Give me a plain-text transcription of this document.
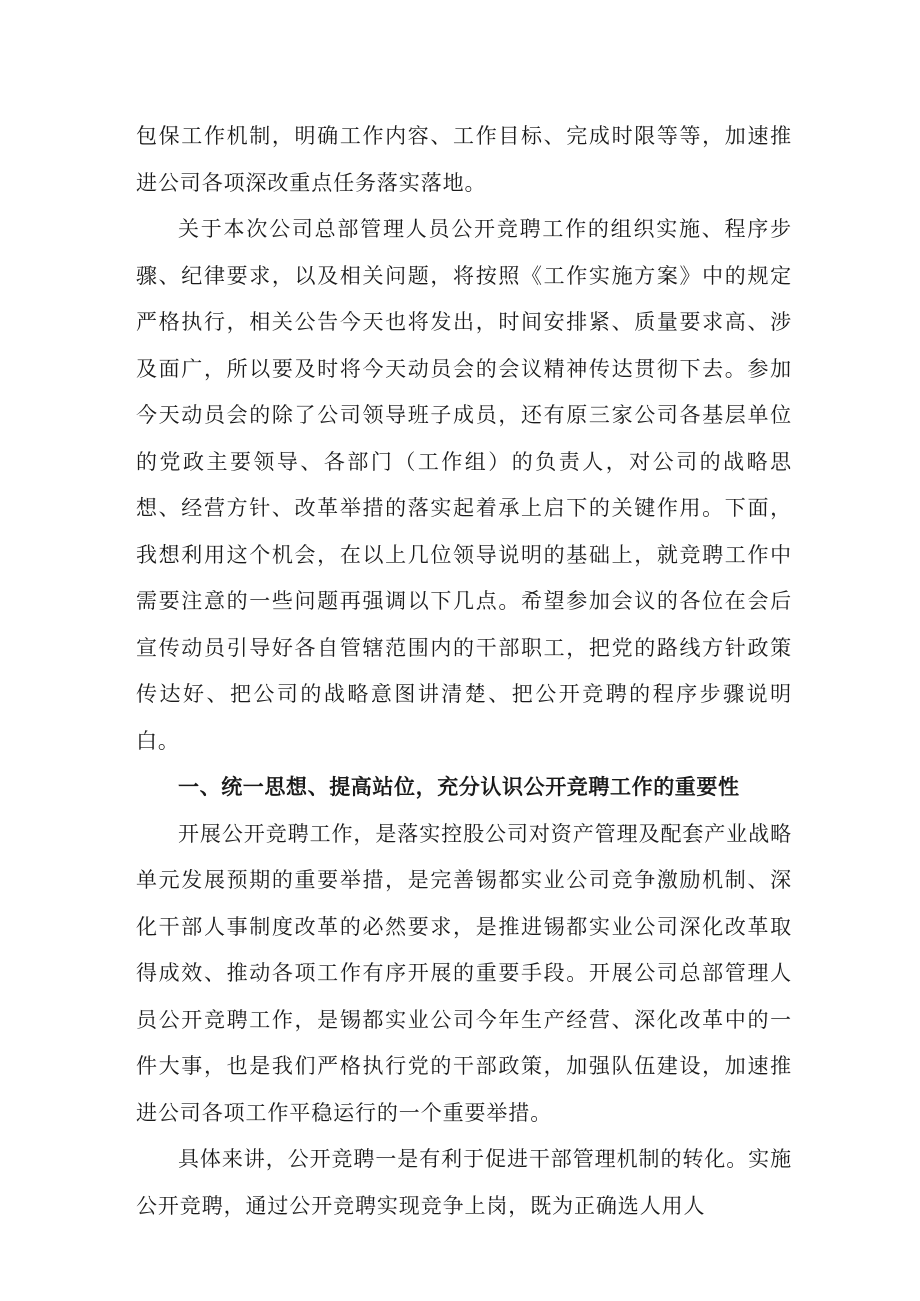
包保工作机制，明确工作内容、工作目标、完成时限等等，加速推进公司各项深改重点任务落实落地。

关于本次公司总部管理人员公开竞聘工作的组织实施、程序步骤、纪律要求，以及相关问题，将按照《工作实施方案》中的规定严格执行，相关公告今天也将发出，时间安排紧、质量要求高、涉及面广，所以要及时将今天动员会的会议精神传达贯彻下去。参加今天动员会的除了公司领导班子成员，还有原三家公司各基层单位的党政主要领导、各部门（工作组）的负责人，对公司的战略思想、经营方针、改革举措的落实起着承上启下的关键作用。下面，我想利用这个机会，在以上几位领导说明的基础上，就竞聘工作中需要注意的一些问题再强调以下几点。希望参加会议的各位在会后宣传动员引导好各自管辖范围内的干部职工，把党的路线方针政策传达好、把公司的战略意图讲清楚、把公开竞聘的程序步骤说明白。

一、统一思想、提高站位，充分认识公开竞聘工作的重要性

开展公开竞聘工作，是落实控股公司对资产管理及配套产业战略单元发展预期的重要举措，是完善锡都实业公司竞争激励机制、深化干部人事制度改革的必然要求，是推进锡都实业公司深化改革取得成效、推动各项工作有序开展的重要手段。开展公司总部管理人员公开竞聘工作，是锡都实业公司今年生产经营、深化改革中的一件大事，也是我们严格执行党的干部政策，加强队伍建设，加速推进公司各项工作平稳运行的一个重要举措。

具体来讲，公开竞聘一是有利于促进干部管理机制的转化。实施公开竞聘，通过公开竞聘实现竞争上岗，既为正确选人用人
